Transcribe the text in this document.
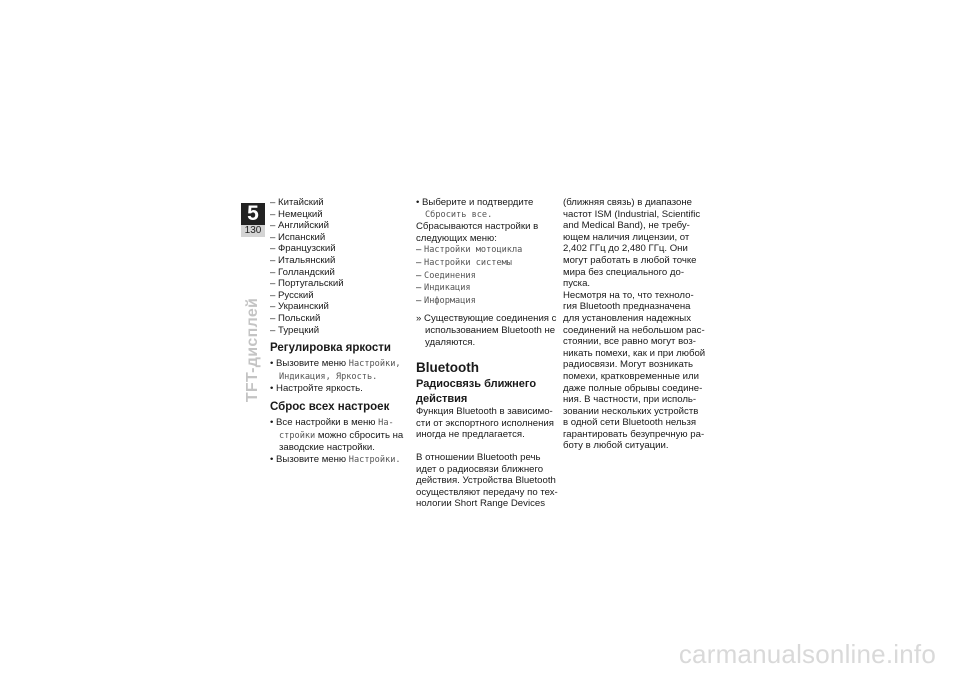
5
130
TFT-дисплей
– Китайский
– Немецкий
– Английский
– Испанский
– Французский
– Итальянский
– Голландский
– Португальский
– Русский
– Украинский
– Польский
– Турецкий
Регулировка яркости
• Вызовите меню Настройки,
Индикация, Яркость.
• Настройте яркость.
Сброс всех настроек
• Все настройки в меню На-
стройки можно сбросить на
заводские настройки.
• Вызовите меню Настройки.
• Выберите и подтвердите
Сбросить все.
Сбрасываются настройки в
следующих меню:
– Настройки мотоцикла
– Настройки системы
– Соединения
– Индикация
– Информация
» Существующие соединения с
использованием Bluetooth не
удаляются.
Bluetooth
Радиосвязь ближнего
действия
Функция Bluetooth в зависимо-
сти от экспортного исполнения
иногда не предлагается.
В отношении Bluetooth речь
идет о радиосвязи ближнего
действия. Устройства Bluetooth
осуществляют передачу по тех-
нологии Short Range Devices
(ближняя связь) в диапазоне
частот ISM (Industrial, Scientific
and Medical Band), не требу-
ющем наличия лицензии, от
2,402 ГГц до 2,480 ГГц. Они
могут работать в любой точке
мира без специального до-
пуска.
Несмотря на то, что техноло-
гия Bluetooth предназначена
для установления надежных
соединений на небольшом рас-
стоянии, все равно могут воз-
никать помехи, как и при любой
радиосвязи. Могут возникать
помехи, кратковременные или
даже полные обрывы соедине-
ния. В частности, при исполь-
зовании нескольких устройств
в одной сети Bluetooth нельзя
гарантировать безупречную ра-
боту в любой ситуации.
carmanualsonline.info
